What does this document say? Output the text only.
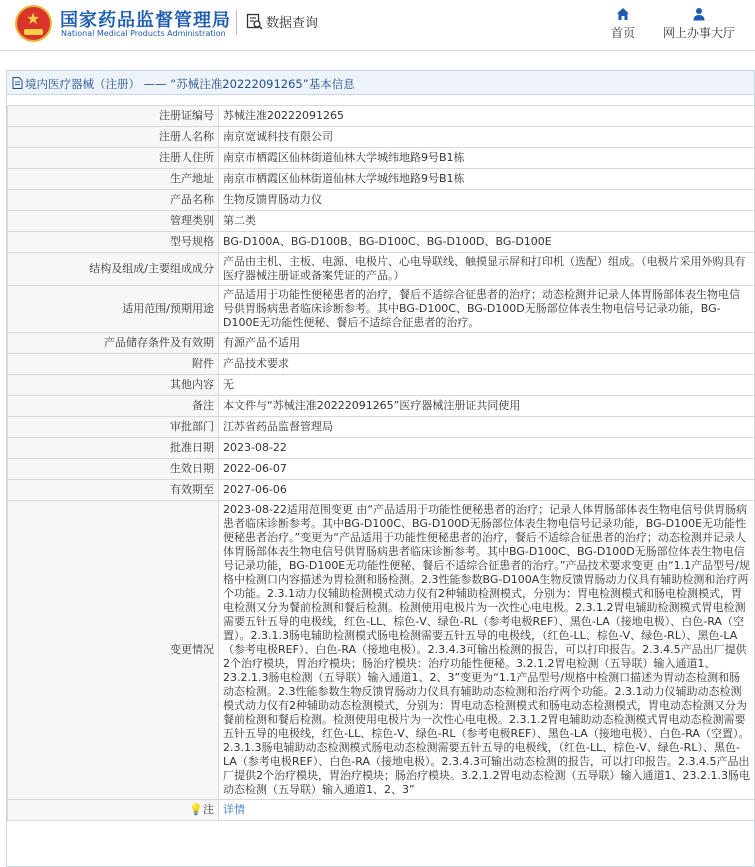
★ 国家药品监督管理局
National Medical Products Administration
数据查询
首页	网上办事大厅
境内医疗器械（注册） —— “苏械注准20222091265”基本信息
注册证编号	苏械注准20222091265
注册人名称	南京宽诚科技有限公司
注册人住所	南京市栖霞区仙林街道仙林大学城纬地路9号B1栋
生产地址	南京市栖霞区仙林街道仙林大学城纬地路9号B1栋
产品名称	生物反馈胃肠动力仪
管理类别	第二类
型号规格	BG-D100A、BG-D100B、BG-D100C、BG-D100D、BG-D100E
结构及组成/主要组成成分	产品由主机、主板、电源、电极片、心电导联线、触摸显示屏和打印机（选配）组成。（电极片采用外购具有医疗器械注册证或备案凭证的产品。）
适用范围/预期用途	产品适用于功能性便秘患者的治疗，餐后不适综合征患者的治疗；动态检测并记录人体胃肠部体表生物电信号供胃肠病患者临床诊断参考。其中BG-D100C、BG-D100D无肠部位体表生物电信号记录功能，BG-D100E无功能性便秘、餐后不适综合征患者的治疗。
产品储存条件及有效期	有源产品不适用
附件	产品技术要求
其他内容	无
备注	本文件与“苏械注准20222091265”医疗器械注册证共同使用
审批部门	江苏省药品监督管理局
批准日期	2023-08-22
生效日期	2022-06-07
有效期至	2027-06-06
变更情况	2023-08-22适用范围变更 由“产品适用于功能性便秘患者的治疗；记录人体胃肠部体表生物电信号供胃肠病患者临床诊断参考。其中BG-D100C、BG-D100D无肠部位体表生物电信号记录功能，BG-D100E无功能性便秘患者治疗。”变更为“产品适用于功能性便秘患者的治疗，餐后不适综合征患者的治疗；动态检测并记录人体胃肠部体表生物电信号供胃肠病患者临床诊断参考。其中BG-D100C、BG-D100D无肠部位体表生物电信号记录功能，BG-D100E无功能性便秘、餐后不适综合征患者的治疗。”产品技术要求变更 由“1.1产品型号/规格中检测口内容描述为胃检测和肠检测。2.3性能参数BG-D100A生物反馈胃肠动力仪具有辅助检测和治疗两个功能。2.3.1动力仪辅助检测模式动力仪有2种辅助检测模式，分别为：胃电检测模式和肠电检测模式，胃电检测又分为餐前检测和餐后检测。检测使用电极片为一次性心电电极。2.3.1.2胃电辅助检测模式胃电检测需要五针五导的电极线，红色-LL、棕色-V、绿色-RL（参考电极REF）、黑色-LA（接地电极）、白色-RA（空置）。2.3.1.3肠电辅助检测模式肠电检测需要五针五导的电极线，（红色-LL、棕色-V、绿色-RL）、黑色-LA（参考电极REF）、白色-RA（接地电极）。2.3.4.3可输出检测的报告，可以打印报告。2.3.4.5产品出厂提供2个治疗模块，胃治疗模块；肠治疗模块：治疗功能性便秘。3.2.1.2胃电检测（五导联）输入通道1、23.2.1.3肠电检测（五导联）输入通道1、2、3”变更为“1.1产品型号/规格中检测口描述为胃动态检测和肠动态检测。2.3性能参数生物反馈胃肠动力仪具有辅助动态检测和治疗两个功能。2.3.1动力仪辅助动态检测模式动力仪有2种辅助动态检测模式，分别为：胃电动态检测模式和肠电动态检测模式，胃电动态检测又分为餐前检测和餐后检测。检测使用电极片为一次性心电电极。2.3.1.2胃电辅助动态检测模式胃电动态检测需要五针五导的电极线，红色-LL、棕色-V、绿色-RL（参考电极REF）、黑色-LA（接地电极）、白色-RA（空置）。2.3.1.3肠电辅助动态检测模式肠电动态检测需要五针五导的电极线，（红色-LL、棕色-V、绿色-RL）、黑色-LA（参考电极REF）、白色-RA（接地电极）。2.3.4.3可输出动态检测的报告，可以打印报告。2.3.4.5产品出厂提供2个治疗模块，胃治疗模块；肠治疗模块。3.2.1.2胃电动态检测（五导联）输入通道1、23.2.1.3肠电动态检测（五导联）输入通道1、2、3”
💡注	详情
